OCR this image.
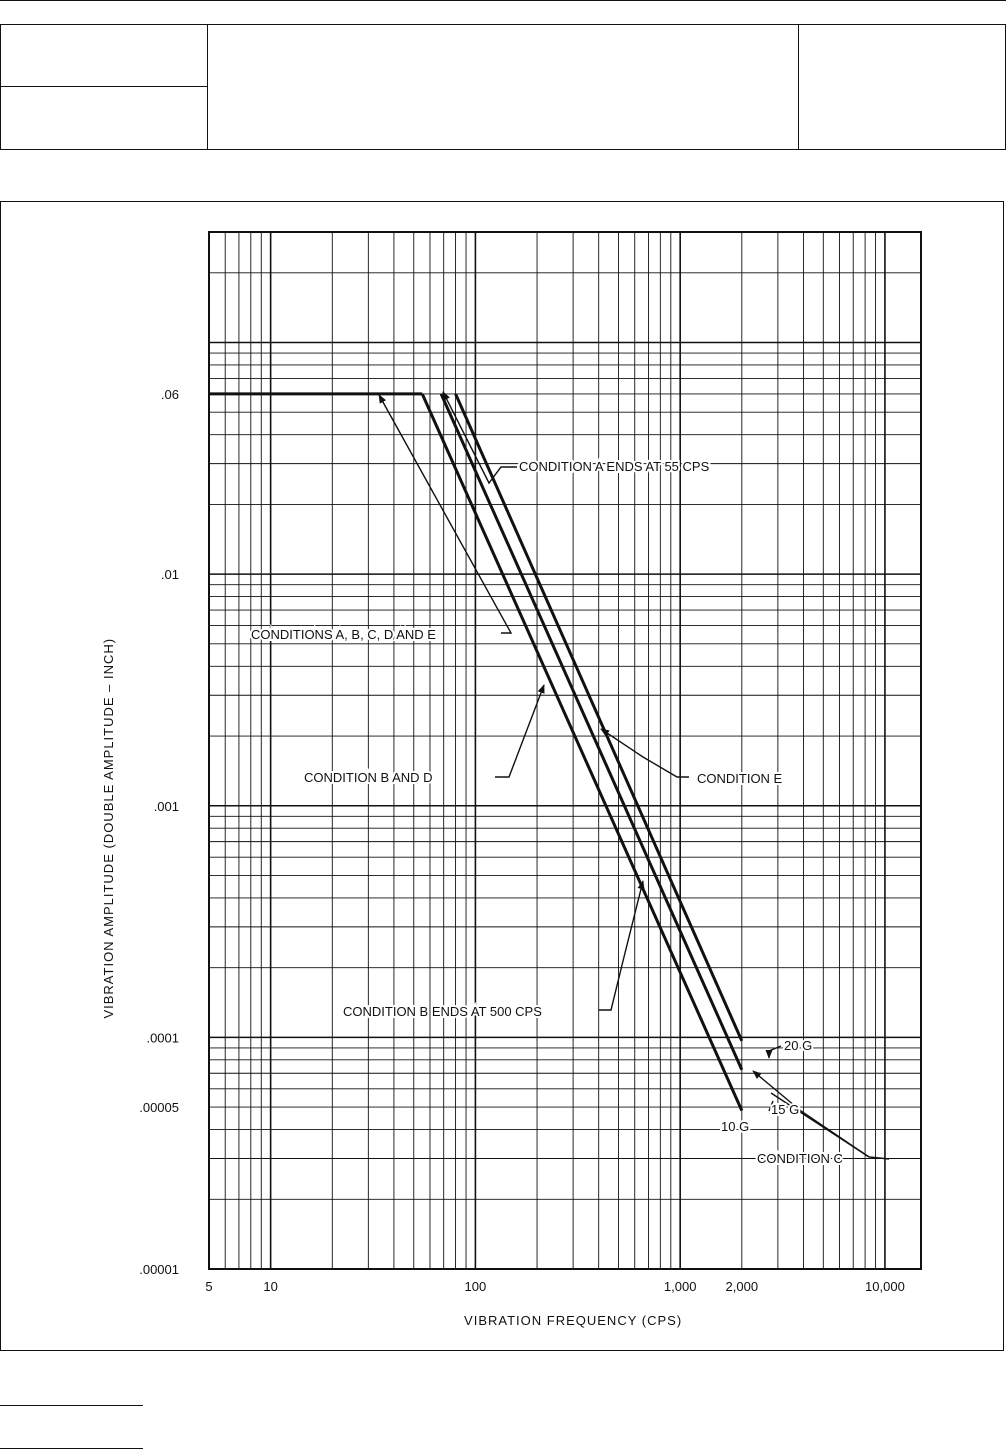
5	10	100	1,000 2,000	10,000
.06
.01
.001
.0001
.00005
.00001
VIBRATION FREQUENCY (CPS)
VIBRATION AMPLITUDE (DOUBLE AMPLITUDE – INCH)
CONDITION A ENDS AT 55 CPS
CONDITIONS A, B, C, D AND E
CONDITION B AND D	CONDITION E
CONDITION B ENDS AT 500 CPS
20 G
15 G
10 G
CONDITION C
